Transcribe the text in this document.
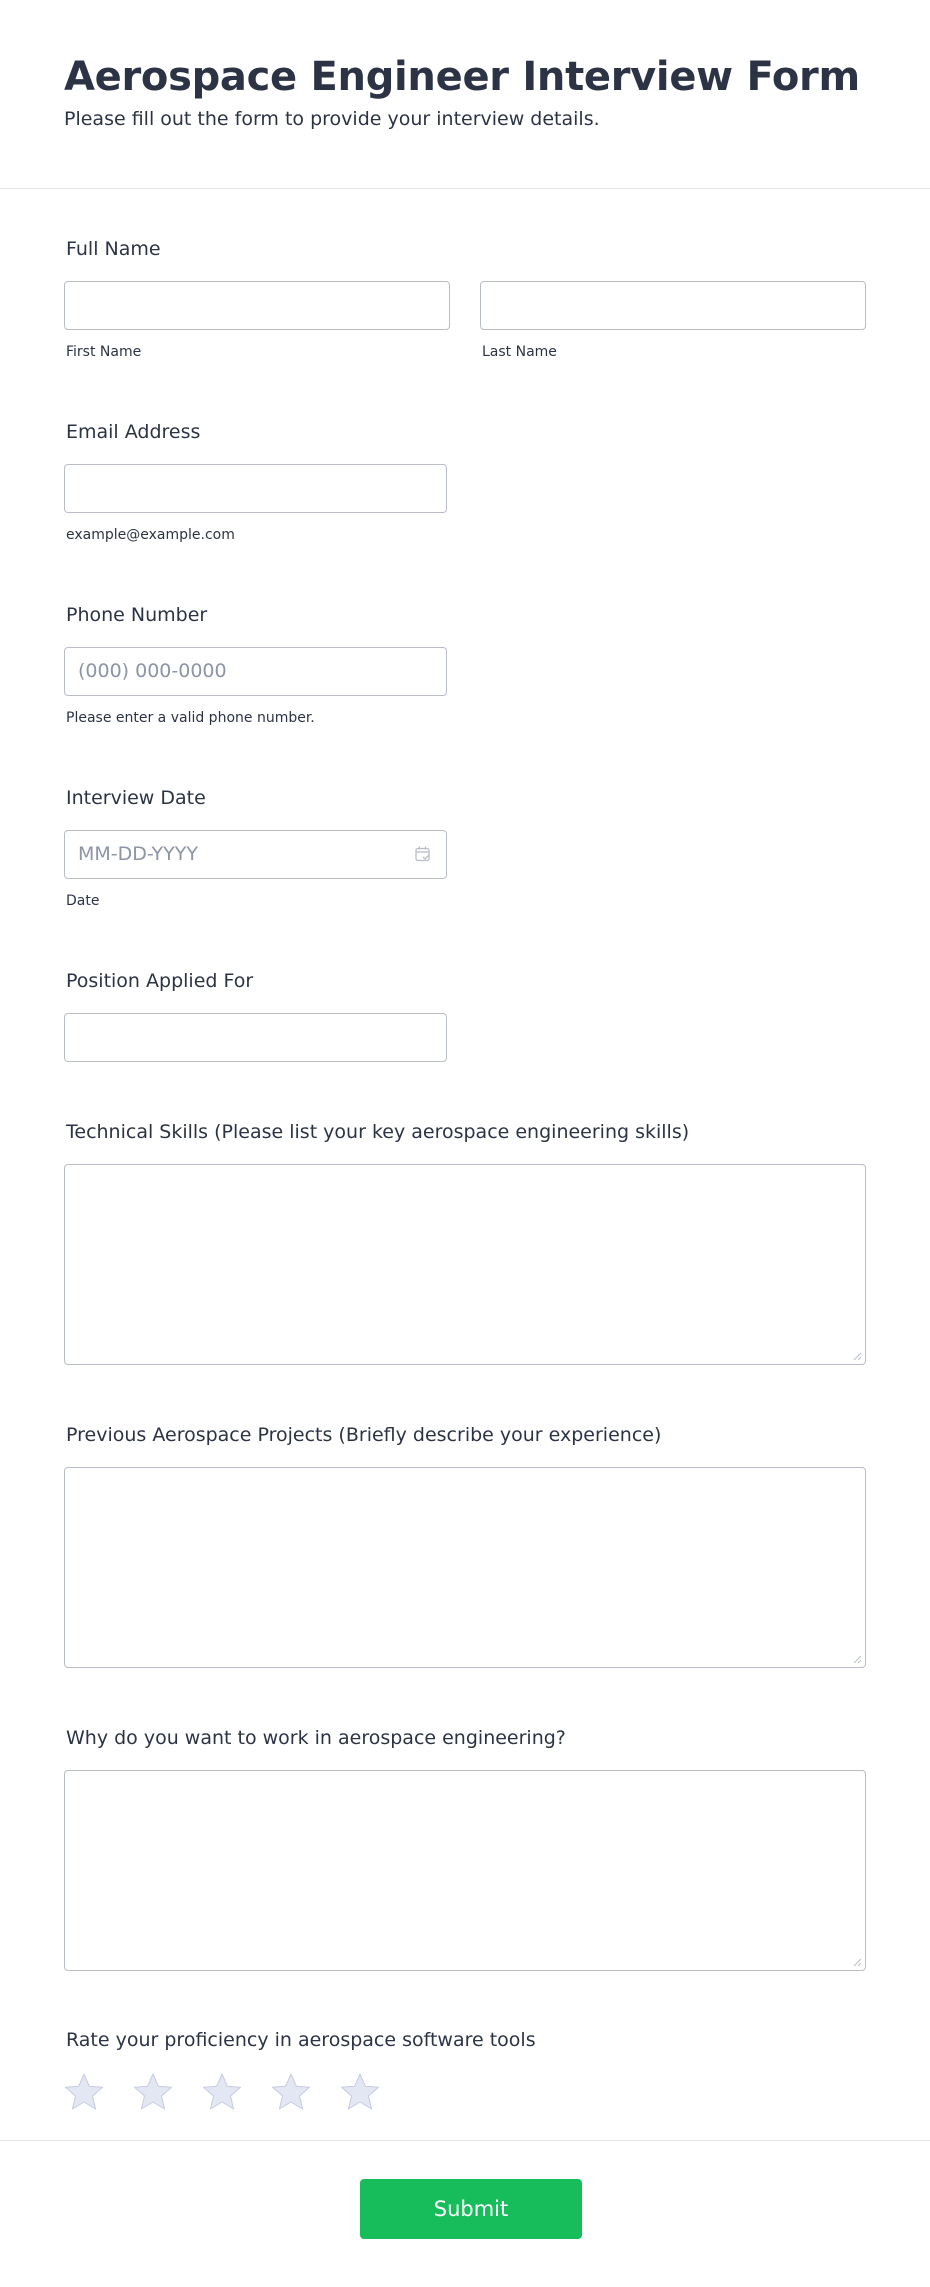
Aerospace Engineer Interview Form

Please fill out the form to provide your interview details.

Full Name
First Name	Last Name
Email Address
example@example.com
Phone Number
(000) 000-0000
Please enter a valid phone number.
Interview Date
MM-DD-YYYY
Date
Position Applied For
Technical Skills (Please list your key aerospace engineering skills)
Previous Aerospace Projects (Briefly describe your experience)
Why do you want to work in aerospace engineering?
Rate your proficiency in aerospace software tools
Submit
